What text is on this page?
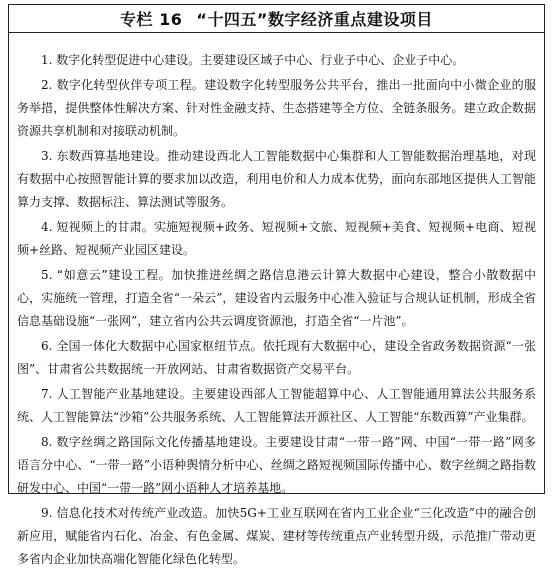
专栏 16 “十四五”数字经济重点建设项目

1. 数字化转型促进中心建设。主要建设区域子中心、行业子中心、企业子中心。

2. 数字化转型伙伴专项工程。建设数字化转型服务公共平台，推出一批面向中小微企业的服务举措，提供整体性解决方案、针对性金融支持、生态搭建等全方位、全链条服务。建立政企数据资源共享机制和对接联动机制。

3. 东数西算基地建设。推动建设西北人工智能数据中心集群和人工智能数据治理基地，对现有数据中心按照智能计算的要求加以改造，利用电价和人力成本优势，面向东部地区提供人工智能算力支撑、数据标注、算法测试等服务。

4. 短视频上的甘肃。实施短视频+政务、短视频+文旅、短视频+美食、短视频+电商、短视频+丝路、短视频产业园区建设。

5. “如意云”建设工程。加快推进丝绸之路信息港云计算大数据中心建设，整合小散数据中心，实施统一管理，打造全省“一朵云”，建设省内云服务中心准入验证与合规认证机制，形成全省信息基础设施“一张网”，建立省内公共云调度资源池，打造全省“一片池”。

6. 全国一体化大数据中心国家枢纽节点。依托现有大数据中心，建设全省政务数据资源“一张图”、甘肃省公共数据统一开放网站、甘肃省数据资产交易平台。

7. 人工智能产业基地建设。主要建设西部人工智能超算中心、人工智能通用算法公共服务系统、人工智能算法“沙箱”公共服务系统、人工智能算法开源社区、人工智能“东数西算”产业集群。

8. 数字丝绸之路国际文化传播基地建设。主要建设甘肃“一带一路”网、中国“一带一路”网多语言分中心、“一带一路”小语种舆情分析中心、丝绸之路短视频国际传播中心、数字丝绸之路指数研发中心、中国“一带一路”网小语种人才培养基地。

9. 信息化技术对传统产业改造。加快5G+工业互联网在省内工业企业“三化改造”中的融合创新应用，赋能省内石化、冶金、有色金属、煤炭、建材等传统重点产业转型升级，示范推广带动更多省内企业加快高端化智能化绿色化转型。
